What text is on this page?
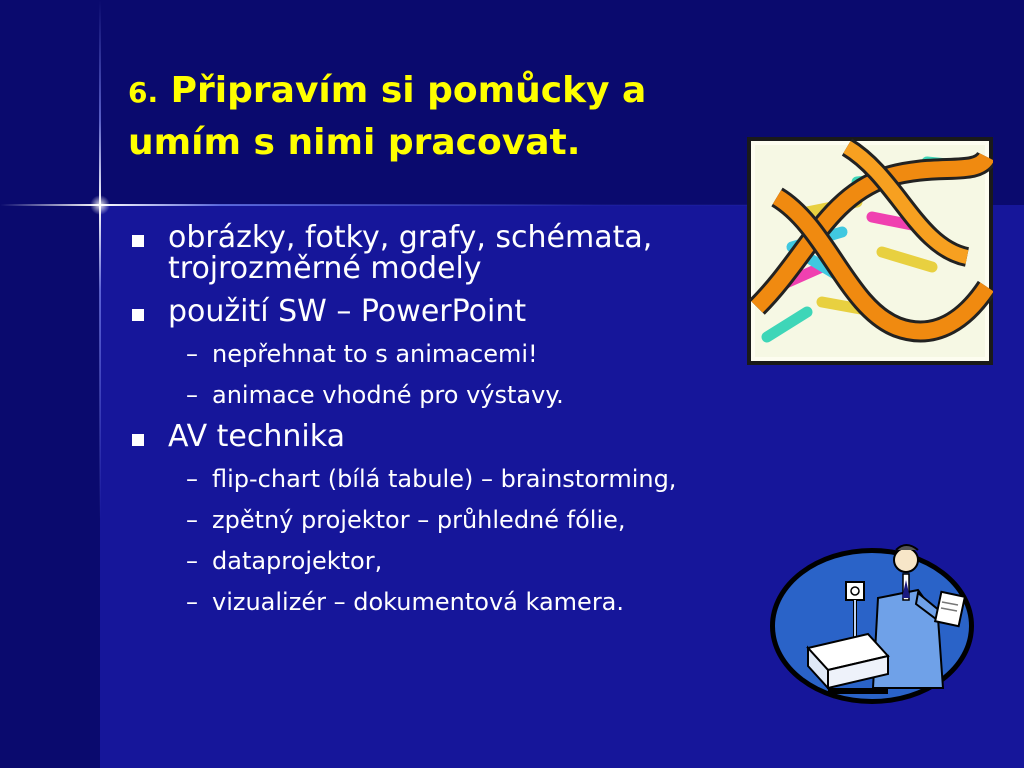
6. Připravím si pomůcky a umím s nimi pracovat.
obrázky, fotky, grafy, schémata, trojrozměrné modely
použití SW – PowerPoint
– nepřehnat to s animacemi!
– animace vhodné pro výstavy.
AV technika
– flip-chart (bílá tabule) – brainstorming,
– zpětný projektor – průhledné fólie,
– dataprojektor,
– vizualizér – dokumentová kamera.
